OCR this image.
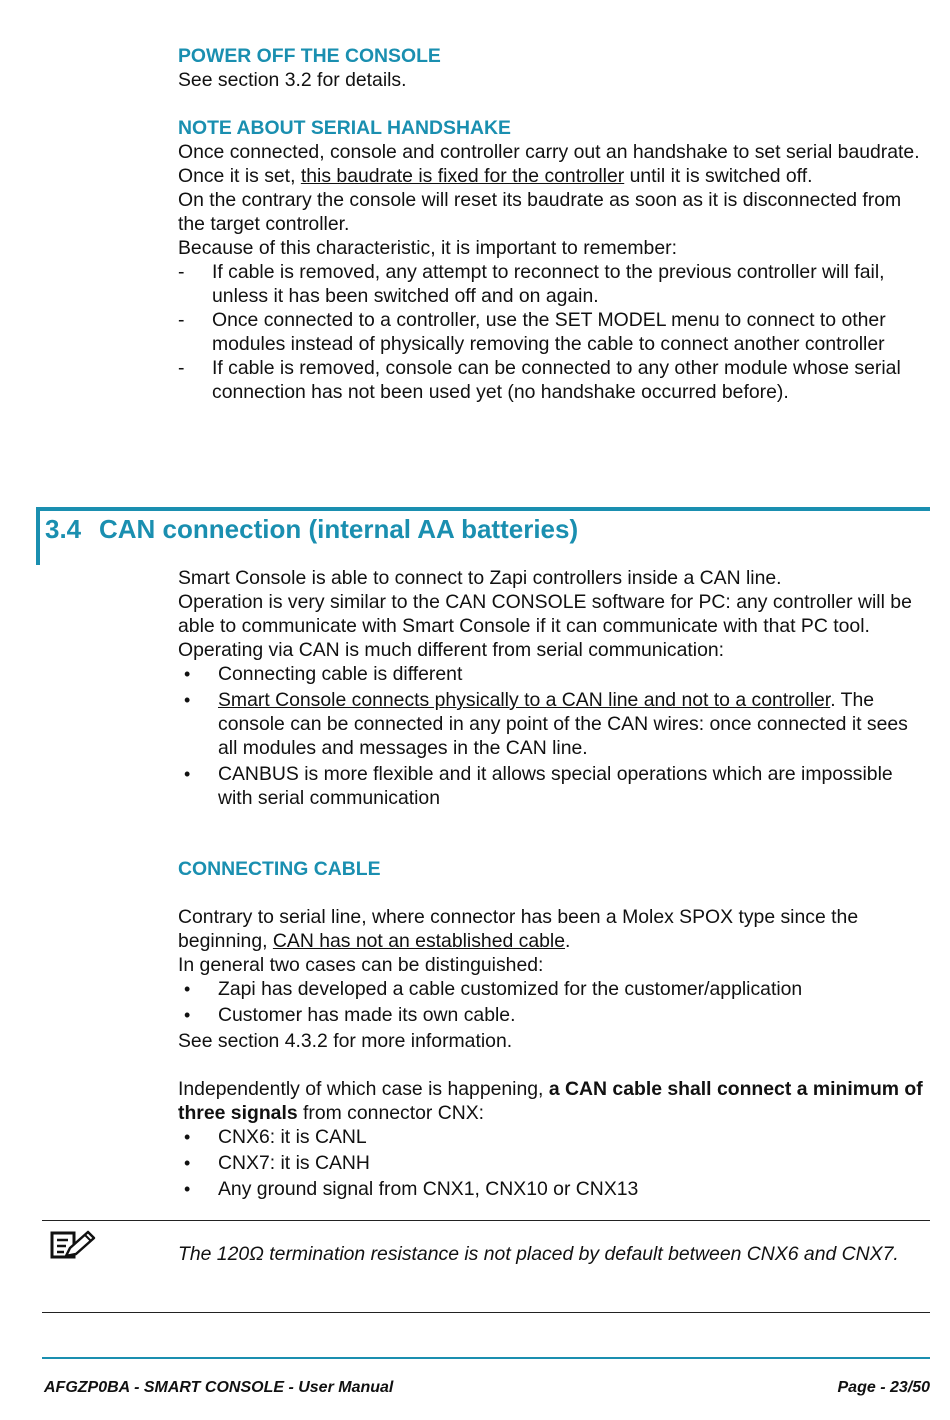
POWER OFF THE CONSOLE

See section 3.2 for details.

NOTE ABOUT SERIAL HANDSHAKE

Once connected, console and controller carry out an handshake to set serial baudrate. Once it is set, this baudrate is fixed for the controller until it is switched off.

On the contrary the console will reset its baudrate as soon as it is disconnected from the target controller.

Because of this characteristic, it is important to remember:

- If cable is removed, any attempt to reconnect to the previous controller will fail, unless it has been switched off and on again.
- Once connected to a controller, use the SET MODEL menu to connect to other modules instead of physically removing the cable to connect another controller
- If cable is removed, console can be connected to any other module whose serial connection has not been used yet (no handshake occurred before).
3.4 CAN connection (internal AA batteries)

Smart Console is able to connect to Zapi controllers inside a CAN line.

Operation is very similar to the CAN CONSOLE software for PC: any controller will be able to communicate with Smart Console if it can communicate with that PC tool.

Operating via CAN is much different from serial communication:

• Connecting cable is different
• Smart Console connects physically to a CAN line and not to a controller. The console can be connected in any point of the CAN wires: once connected it sees all modules and messages in the CAN line.
• CANBUS is more flexible and it allows special operations which are impossible with serial communication
CONNECTING CABLE

Contrary to serial line, where connector has been a Molex SPOX type since the beginning, CAN has not an established cable.

In general two cases can be distinguished:

• Zapi has developed a cable customized for the customer/application
• Customer has made its own cable.

See section 4.3.2 for more information.

Independently of which case is happening, a CAN cable shall connect a minimum of three signals from connector CNX:

• CNX6: it is CANL
• CNX7: it is CANH
• Any ground signal from CNX1, CNX10 or CNX13

The 120Ω termination resistance is not placed by default between CNX6 and CNX7.

AFGZP0BA - SMART CONSOLE - User Manual	Page - 23/50
